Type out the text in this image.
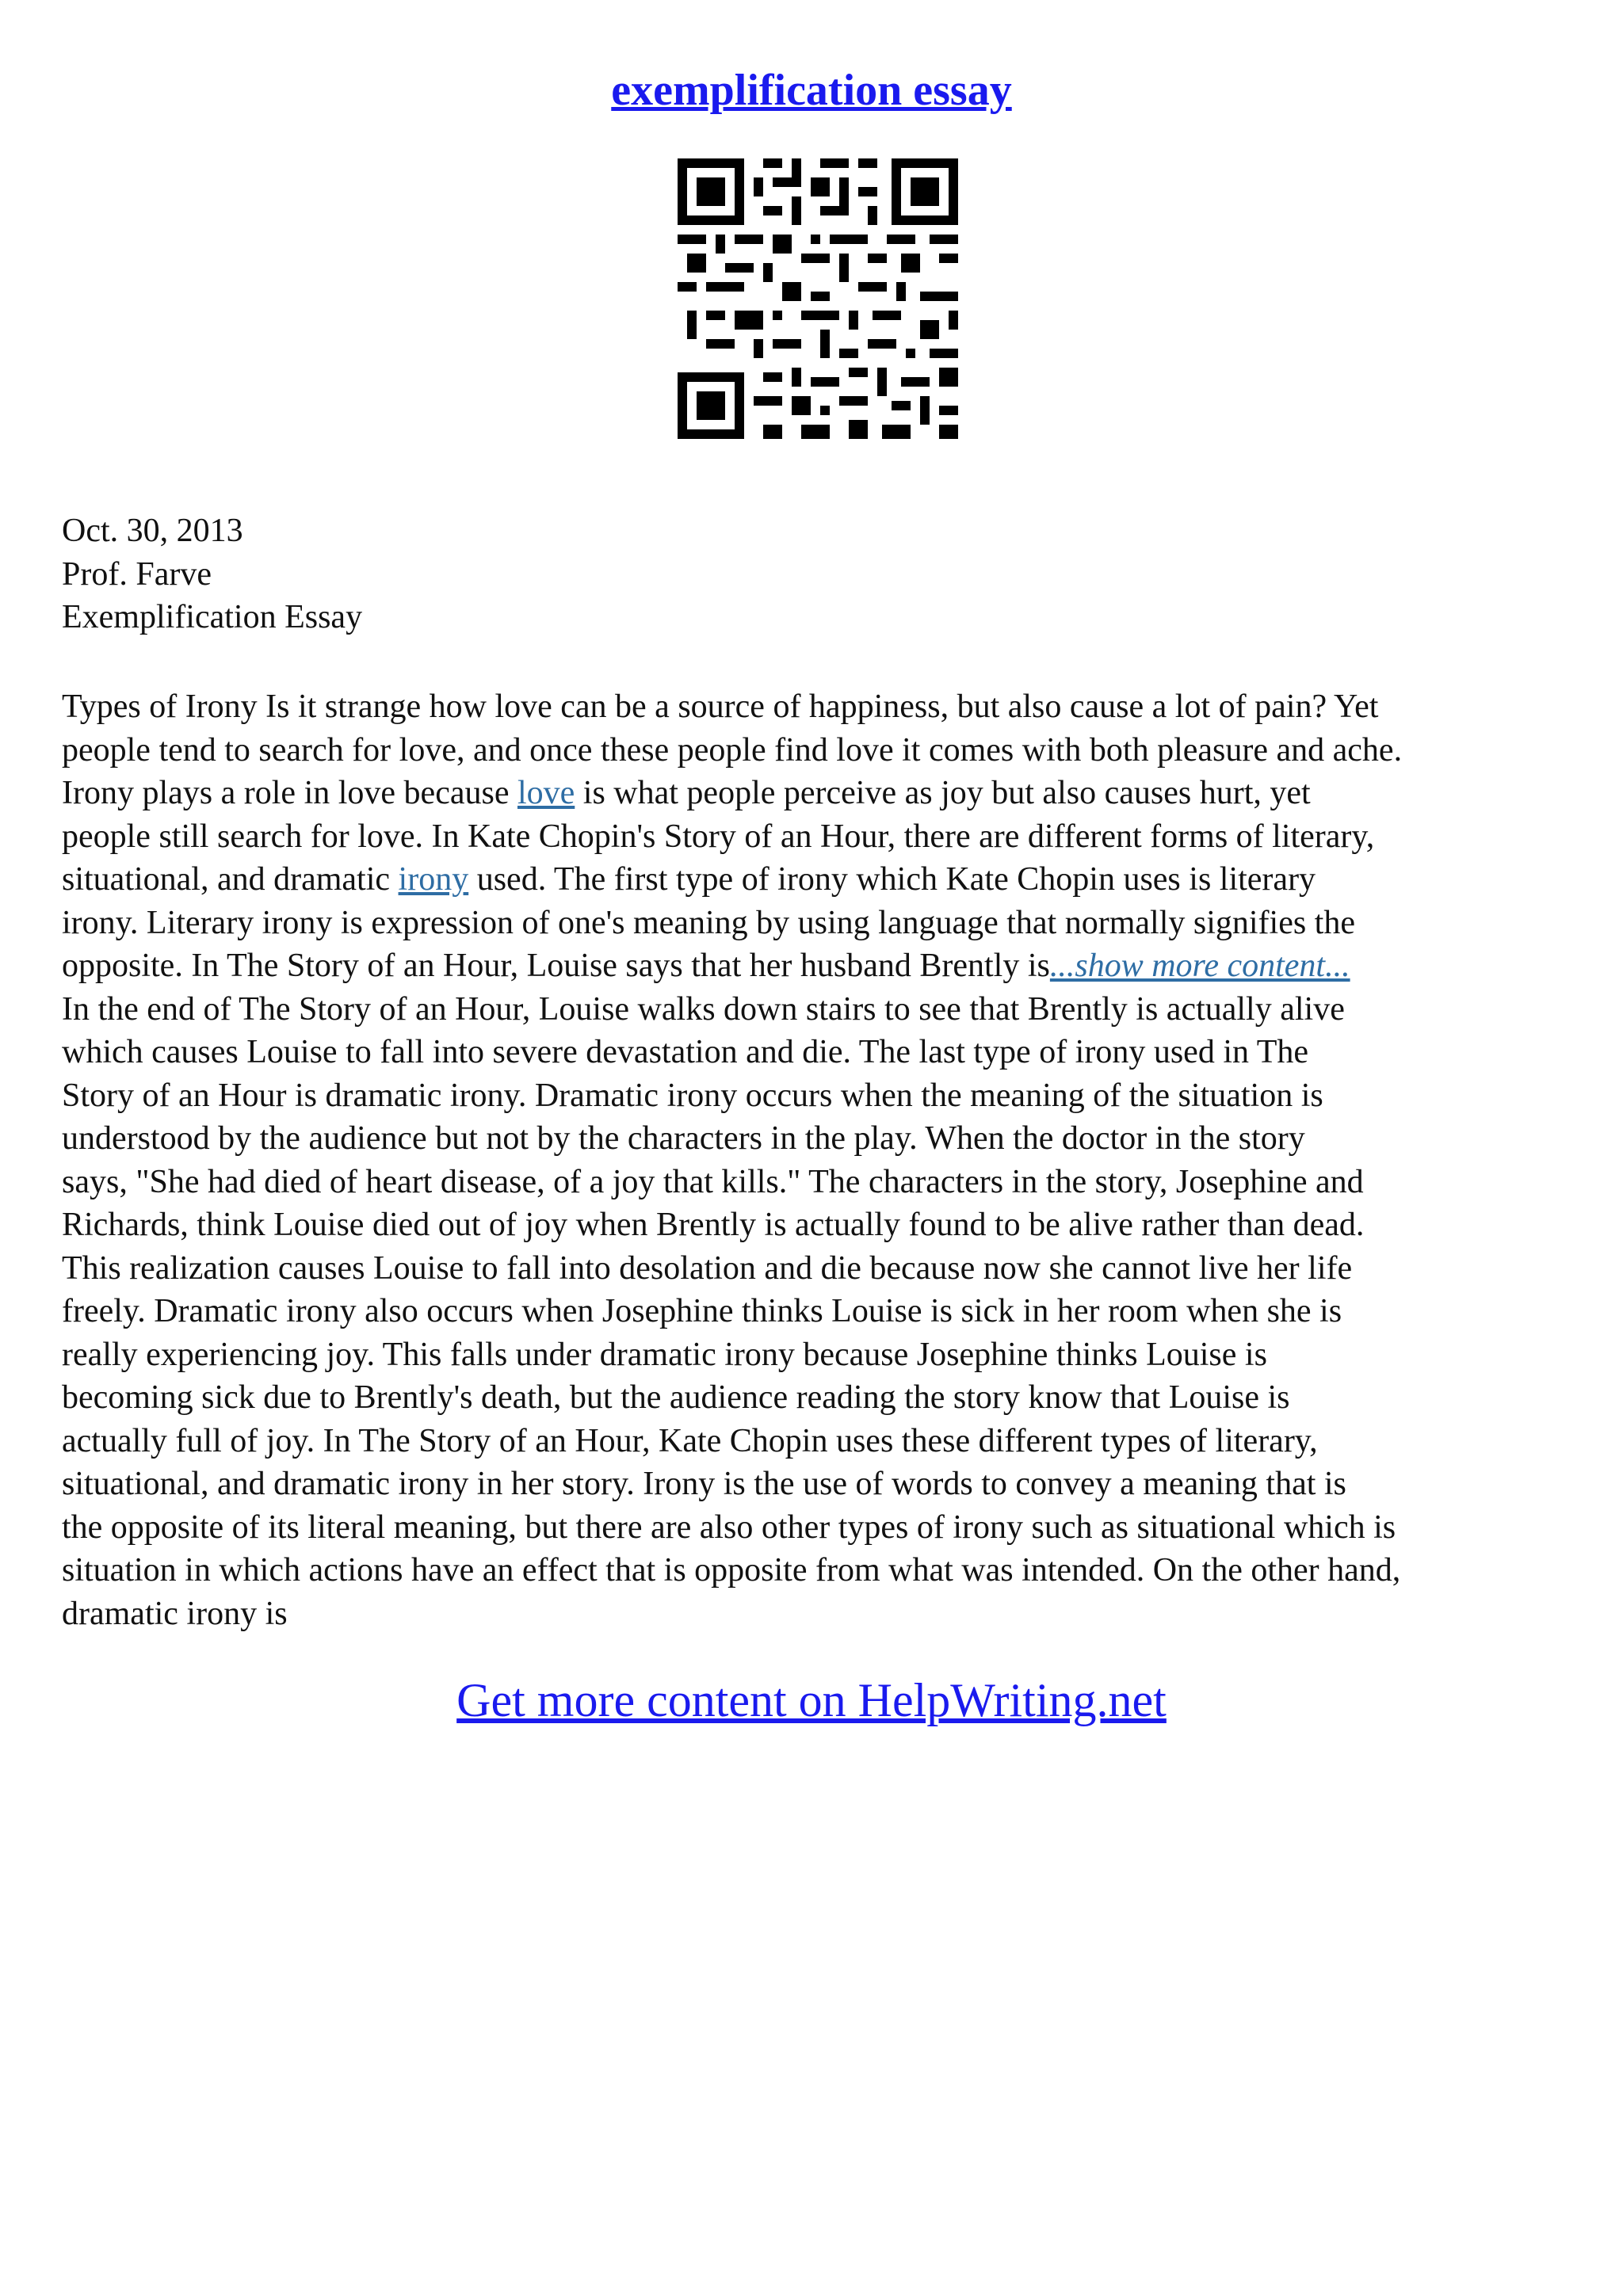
exemplification essay
Oct. 30, 2013
Prof. Farve
Exemplification Essay
Types of Irony Is it strange how love can be a source of happiness, but also cause a lot of pain? Yet
people tend to search for love, and once these people find love it comes with both pleasure and ache.
Irony plays a role in love because love is what people perceive as joy but also causes hurt, yet
people still search for love. In Kate Chopin's Story of an Hour, there are different forms of literary,
situational, and dramatic irony used. The first type of irony which Kate Chopin uses is literary
irony. Literary irony is expression of one's meaning by using language that normally signifies the
opposite. In The Story of an Hour, Louise says that her husband Brently is...show more content...
In the end of The Story of an Hour, Louise walks down stairs to see that Brently is actually alive
which causes Louise to fall into severe devastation and die. The last type of irony used in The
Story of an Hour is dramatic irony. Dramatic irony occurs when the meaning of the situation is
understood by the audience but not by the characters in the play. When the doctor in the story
says, "She had died of heart disease, of a joy that kills." The characters in the story, Josephine and
Richards, think Louise died out of joy when Brently is actually found to be alive rather than dead.
This realization causes Louise to fall into desolation and die because now she cannot live her life
freely. Dramatic irony also occurs when Josephine thinks Louise is sick in her room when she is
really experiencing joy. This falls under dramatic irony because Josephine thinks Louise is
becoming sick due to Brently's death, but the audience reading the story know that Louise is
actually full of joy. In The Story of an Hour, Kate Chopin uses these different types of literary,
situational, and dramatic irony in her story. Irony is the use of words to convey a meaning that is
the opposite of its literal meaning, but there are also other types of irony such as situational which is
situation in which actions have an effect that is opposite from what was intended. On the other hand,
dramatic irony is
Get more content on HelpWriting.net
